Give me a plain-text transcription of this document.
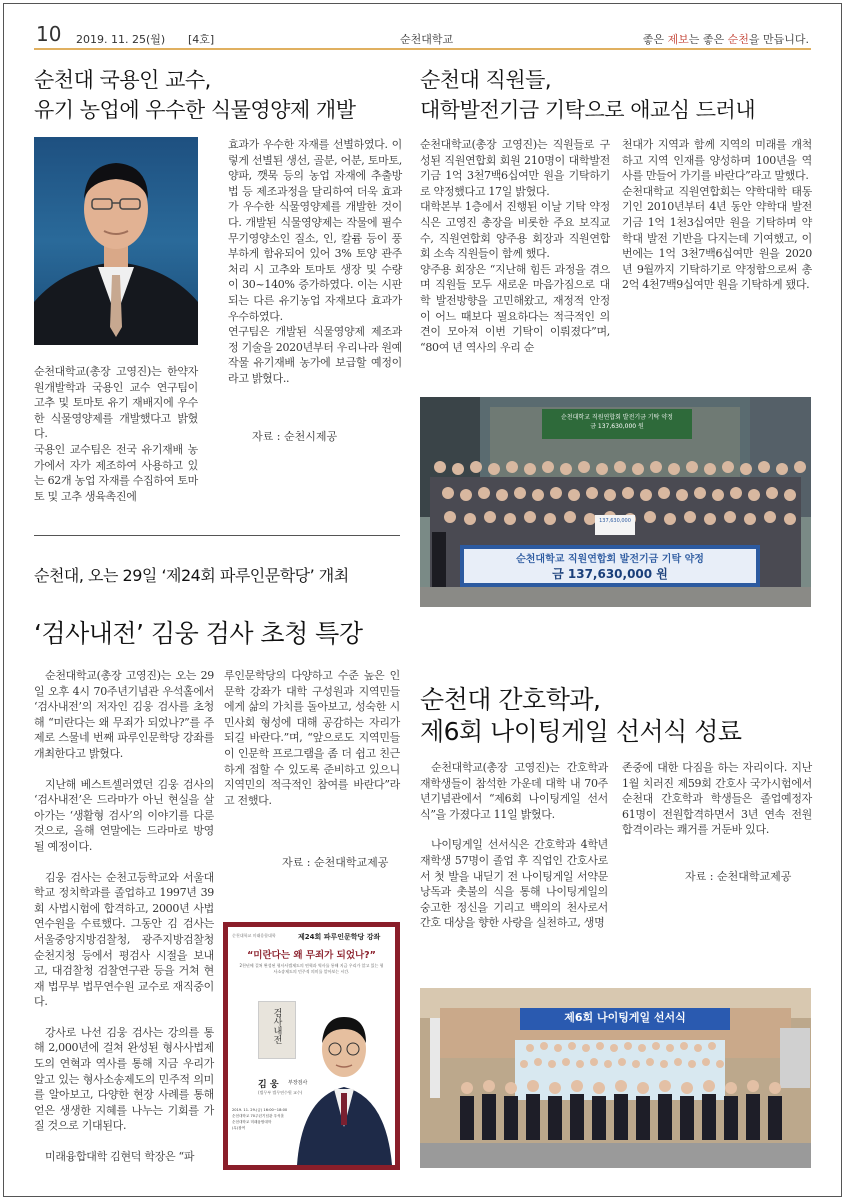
10 2019. 11. 25(월) [4호]	순천대학교	좋은 제보는 좋은 순천을 만듭니다.
순천대 국용인 교수,
유기 농업에 우수한 식물영양제 개발
순천대학교(총장 고영진)는 한약자원개발학과 국용인 교수 연구팀이 고추 및 토마토 유기 재배지에 우수한 식물영양제를 개발했다고 밝혔다.
국용인 교수팀은 전국 유기재배 농가에서 자가 제조하여 사용하고 있는 62개 농업 자재를 수집하여 토마토 및 고추 생육촉진에
효과가 우수한 자재를 선별하였다. 이렇게 선별된 생선, 골분, 어분, 토마토, 양파, 깻묵 등의 농업 자재에 추출방법 등 제조과정을 달리하여 더욱 효과가 우수한 식물영양제를 개발한 것이다. 개발된 식물영양제는 작물에 필수 무기영양소인 질소, 인, 칼륨 등이 풍부하게 함유되어 있어 3% 토양 관주 처리 시 고추와 토마토 생장 및 수량이 30~140% 증가하였다. 이는 시판되는 다른 유기농업 자재보다 효과가 우수하였다.
연구팀은 개발된 식물영양제 제조과정 기술을 2020년부터 우리나라 원예작물 유기재배 농가에 보급할 예정이라고 밝혔다..
자료 : 순천시제공
순천대 직원들,
대학발전기금 기탁으로 애교심 드러내
순천대학교(총장 고영진)는 직원들로 구성된 직원연합회 회원 210명이 대학발전기금 1억 3천7백6십여만 원을 기탁하기로 약정했다고 17일 밝혔다.
대학본부 1층에서 진행된 이날 기탁 약정식은 고영진 총장을 비롯한 주요 보직교수, 직원연합회 양주용 회장과 직원연합회 소속 직원들이 함께 했다.
양주용 회장은 “지난해 힘든 과정을 겪으며 직원들 모두 새로운 마음가짐으로 대학 발전방향을 고민해왔고, 재정적 안정이 어느 때보다 필요하다는 적극적인 의견이 모아져 이번 기탁이 이뤄졌다”며, “80여 년 역사의 우리 순
천대가 지역과 함께 지역의 미래를 개척하고 지역 인재를 양성하며 100년을 역사를 만들어 가기를 바란다”라고 말했다.
순천대학교 직원연합회는 약학대학 태동기인 2010년부터 4년 동안 약학대 발전기금 1억 1천3십여만 원을 기탁하며 약학대 발전 기반을 다지는데 기여했고, 이번에는 1억 3천7백6십여만 원을 2020년 9월까지 기탁하기로 약정함으로써 총 2억 4천7백9십여만 원을 기탁하게 됐다.
순천대학교 직원연합회 발전기금 기탁 약정
금 137,630,000 원
137,630,000
순천대학교 직원연합회 발전기금 기탁 약정
금 137,630,000 원
순천대, 오는 29일 ‘제24회 파루인문학당’ 개최
‘검사내전’ 김웅 검사 초청 특강

순천대학교(총장 고영진)는 오는 29일 오후 4시 70주년기념관 우석홀에서 ‘검사내전’의 저자인 김웅 검사를 초청해 “미란다는 왜 무죄가 되었나?”를 주제로 스물네 번째 파루인문학당 강좌를 개최한다고 밝혔다.

지난해 베스트셀러였던 김웅 검사의 ‘검사내전’은 드라마가 아닌 현실을 살아가는 ‘생활형 검사’의 이야기를 다룬 것으로, 올해 연말에는 드라마로 방영될 예정이다.

김웅 검사는 순천고등학교와 서울대학교 정치학과를 졸업하고 1997년 39회 사법시험에 합격하고, 2000년 사법연수원을 수료했다. 그동안 김 검사는 서울중앙지방검찰청, 광주지방검찰청 순천지청 등에서 평검사 시절을 보내고, 대검찰청 검찰연구관 등을 거쳐 현재 법무부 법무연수원 교수로 재직중이다.

강사로 나선 김웅 검사는 강의를 통해 2,000년에 걸쳐 완성된 형사사법제도의 연혁과 역사를 통해 지금 우리가 알고 있는 형사소송제도의 민주적 의미를 알아보고, 다양한 현장 사례를 통해 얻은 생생한 지혜를 나누는 기회를 가질 것으로 기대된다.

미래융합대학 김현덕 학장은 “파

루인문학당의 다양하고 수준 높은 인문학 강좌가 대학 구성원과 지역민들에게 삶의 가치를 돌아보고, 성숙한 시민사회 형성에 대해 공감하는 자리가 되길 바란다.”며, “앞으로도 지역민들이 인문학 프로그램을 좀 더 쉽고 친근하게 접할 수 있도록 준비하고 있으니 지역민의 적극적인 참여를 바란다”라고 전했다.
자료 : 순천대학교제공
순천대학교 미래융합대학	제24회 파루인문학당 강좌
“미란다는 왜 무죄가 되었나?”
2천년에 걸쳐 완성된 형사사법제도의 연혁과 역사를 통해 지금 우리가 알고 있는 형사소송제도의 민주적 의미를 알아보는 시간.
검사내전
김 웅 부장검사
(법무부 법무연수원 교수)
2019. 11. 29.(금) 16:00~18:00
순천대학교 70주년기념관 우석홀
순천대학교 미래융합대학
(무)참여
순천대 간호학과,
제6회 나이팅게일 선서식 성료

순천대학교(총장 고영진)는 간호학과 재학생들이 참석한 가운데 대학 내 70주년기념관에서 “제6회 나이팅게일 선서식”을 가졌다고 11일 밝혔다.

나이팅게일 선서식은 간호학과 4학년 재학생 57명이 졸업 후 직업인 간호사로서 첫 발을 내딛기 전 나이팅게일 서약문 낭독과 촛불의 식을 통해 나이팅게일의 숭고한 정신을 기리고 백의의 천사로서 간호 대상을 향한 사랑을 실천하고, 생명

존중에 대한 다짐을 하는 자리이다. 지난 1월 치러진 제59회 간호사 국가시험에서 순천대 간호학과 학생들은 졸업예정자 61명이 전원합격하면서 3년 연속 전원 합격이라는 쾌거를 거둔바 있다.
자료 : 순천대학교제공
제6회 나이팅게일 선서식
